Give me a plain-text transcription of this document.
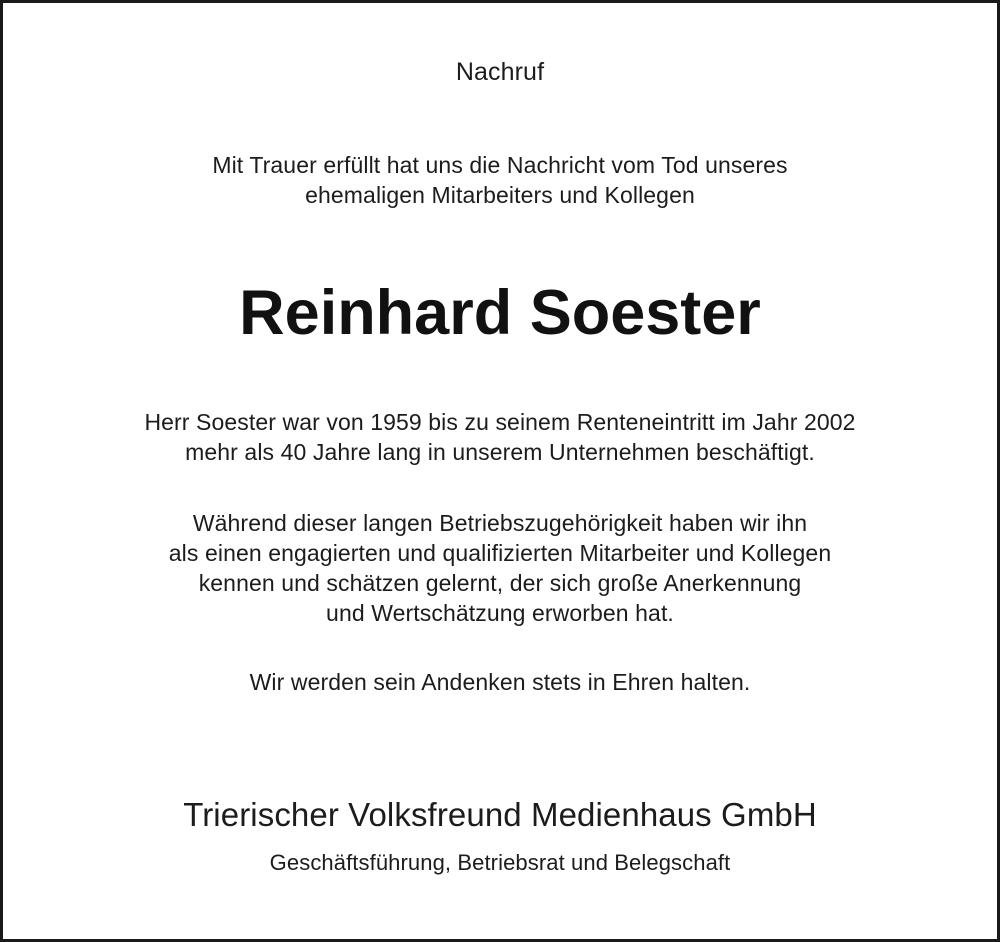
Nachruf
Mit Trauer erfüllt hat uns die Nachricht vom Tod unseres
ehemaligen Mitarbeiters und Kollegen
Reinhard Soester
Herr Soester war von 1959 bis zu seinem Renteneintritt im Jahr 2002
mehr als 40 Jahre lang in unserem Unternehmen beschäftigt.
Während dieser langen Betriebszugehörigkeit haben wir ihn
als einen engagierten und qualifizierten Mitarbeiter und Kollegen
kennen und schätzen gelernt, der sich große Anerkennung
und Wertschätzung erworben hat.
Wir werden sein Andenken stets in Ehren halten.
Trierischer Volksfreund Medienhaus GmbH
Geschäftsführung, Betriebsrat und Belegschaft
